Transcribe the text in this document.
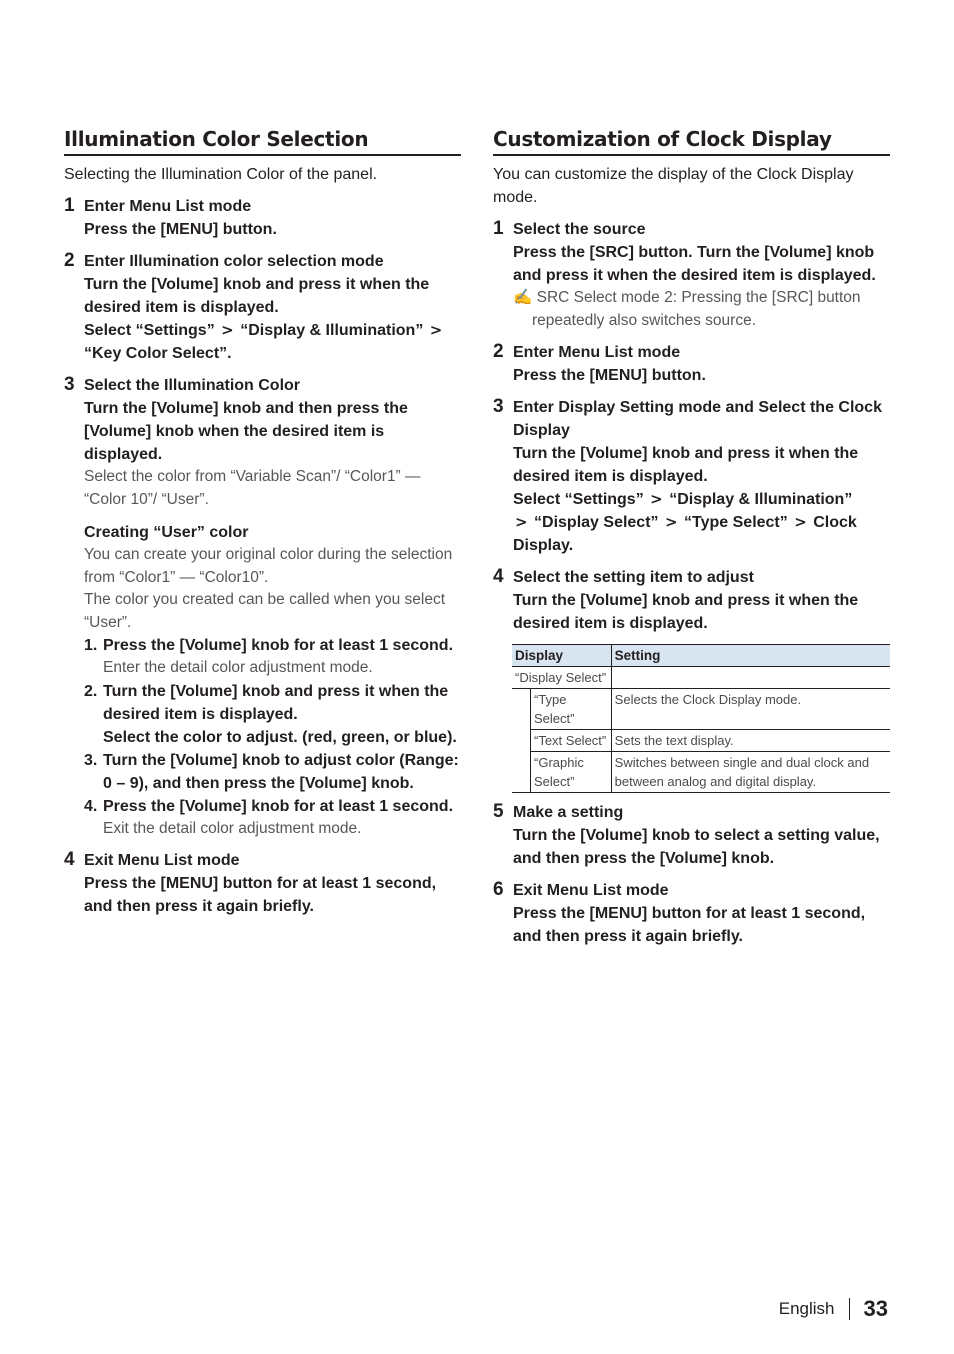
Illumination Color Selection

Selecting the Illumination Color of the panel.

1 Enter Menu List mode
Press the [MENU] button.
2 Enter Illumination color selection mode
Turn the [Volume] knob and press it when the desired item is displayed.
Select “Settings” > “Display & Illumination” >
“Key Color Select”.
3 Select the Illumination Color
Turn the [Volume] knob and then press the [Volume] knob when the desired item is displayed.
Select the color from “Variable Scan”/ “Color1” — “Color 10”/ “User”.
Creating “User” color
You can create your original color during the selection from “Color1” — “Color10”.
The color you created can be called when you select “User”.
1. Press the [Volume] knob for at least 1 second.
Enter the detail color adjustment mode.
2. Turn the [Volume] knob and press it when the desired item is displayed.
Select the color to adjust. (red, green, or blue).
3. Turn the [Volume] knob to adjust color (Range: 0 – 9), and then press the [Volume] knob.
4. Press the [Volume] knob for at least 1 second.
Exit the detail color adjustment mode.
4 Exit Menu List mode
Press the [MENU] button for at least 1 second, and then press it again briefly.
Customization of Clock Display

You can customize the display of the Clock Display mode.

1 Select the source
Press the [SRC] button. Turn the [Volume] knob and press it when the desired item is displayed.
✍ SRC Select mode 2: Pressing the [SRC] button repeatedly also switches source.
2 Enter Menu List mode
Press the [MENU] button.
3 Enter Display Setting mode and Select the Clock Display
Turn the [Volume] knob and press it when the desired item is displayed.
Select “Settings” > “Display & Illumination”
> “Display Select” > “Type Select” > Clock Display.
4 Select the setting item to adjust
Turn the [Volume] knob and press it when the desired item is displayed.
Display		Setting
“Display Select”		
	“Type Select”	Selects the Clock Display mode.
	“Text Select”	Sets the text display.
	“Graphic Select”	Switches between single and dual clock and between analog and digital display.
5 Make a setting
Turn the [Volume] knob to select a setting value, and then press the [Volume] knob.
6 Exit Menu List mode
Press the [MENU] button for at least 1 second, and then press it again briefly.
English 33
